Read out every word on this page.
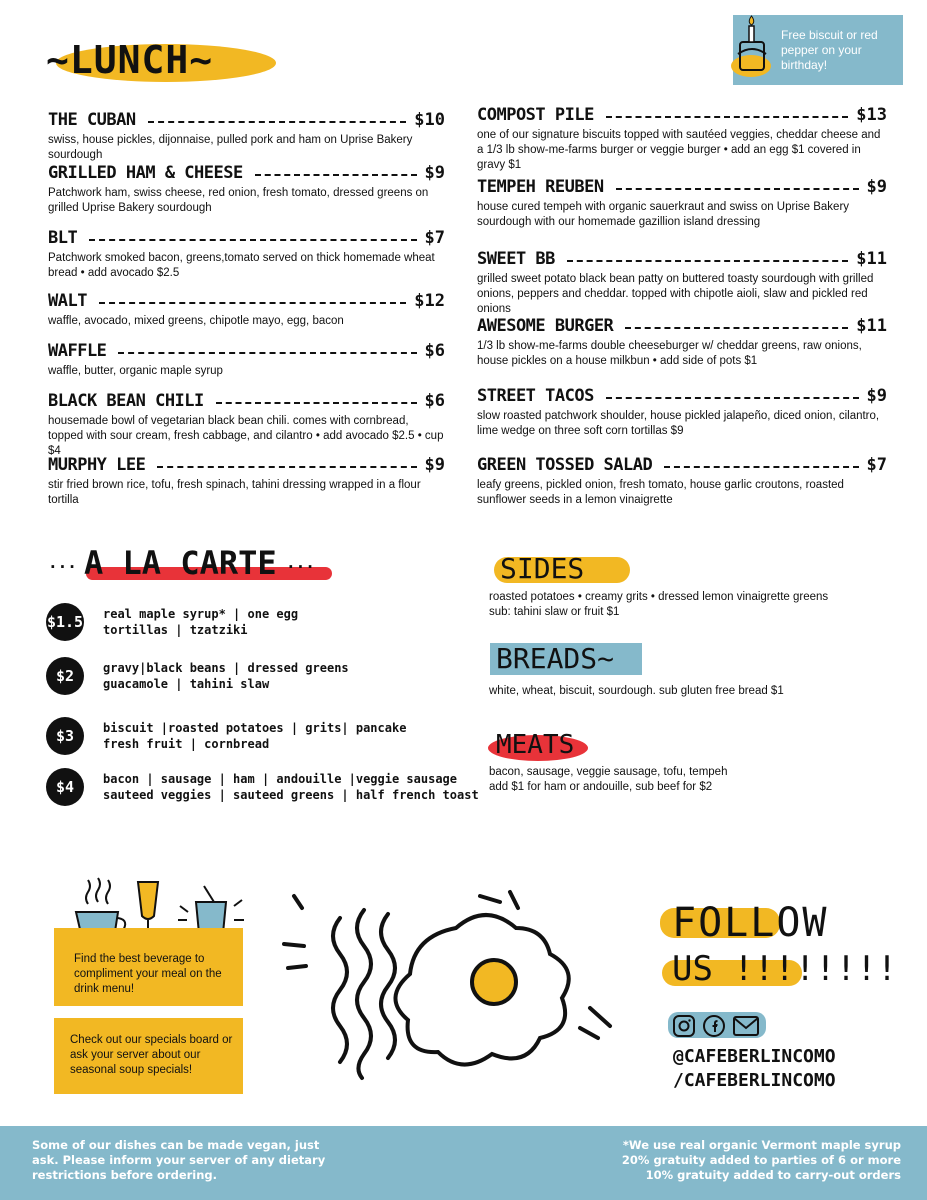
Free biscuit or red pepper on your birthday!
~LUNCH~
THE CUBAN	$10
swiss, house pickles, dijonnaise, pulled pork and ham on Uprise Bakery sourdough
GRILLED HAM & CHEESE	$9
Patchwork ham, swiss cheese, red onion, fresh tomato, dressed greens on grilled Uprise Bakery sourdough
BLT	$7
Patchwork smoked bacon, greens,tomato served on thick homemade wheat bread • add avocado $2.5
WALT	$12
waffle, avocado, mixed greens, chipotle mayo, egg, bacon
WAFFLE	$6
waffle, butter, organic maple syrup
BLACK BEAN CHILI	$6
housemade bowl of vegetarian black bean chili. comes with cornbread, topped with sour cream, fresh cabbage, and cilantro • add avocado $2.5 • cup $4
MURPHY LEE	$9
stir fried brown rice, tofu, fresh spinach, tahini dressing wrapped in a flour tortilla
COMPOST PILE	$13
one of our signature biscuits topped with sautéed veggies, cheddar cheese and a 1/3 lb show-me-farms burger or veggie burger • add an egg $1 covered in gravy $1
TEMPEH REUBEN	$9
house cured tempeh with organic sauerkraut and swiss on Uprise Bakery sourdough with our homemade gazillion island dressing
SWEET BB	$11
grilled sweet potato black bean patty on buttered toasty sourdough with grilled onions, peppers and cheddar. topped with chipotle aioli, slaw and pickled red onions
AWESOME BURGER	$11
1/3 lb show-me-farms double cheeseburger w/ cheddar greens, raw onions, house pickles on a house milkbun • add side of pots $1
STREET TACOS	$9
slow roasted patchwork shoulder, house pickled jalapeño, diced onion, cilantro, lime wedge on three soft corn tortillas $9
GREEN TOSSED SALAD	$7
leafy greens, pickled onion, fresh tomato, house garlic croutons, roasted sunflower seeds in a lemon vinaigrette
... A LA CARTE ...
$1.5 real maple syrup* | one egg
tortillas | tzatziki
$2	gravy|black beans | dressed greens
guacamole | tahini slaw
$3	biscuit |roasted potatoes | grits| pancake
fresh fruit | cornbread
$4	bacon | sausage | ham | andouille |veggie sausage
sauteed veggies | sauteed greens | half french toast
SIDES
roasted potatoes • creamy grits • dressed lemon vinaigrette greens
sub: tahini slaw or fruit $1
BREADS~
white, wheat, biscuit, sourdough. sub gluten free bread $1
MEATS
bacon, sausage, veggie sausage, tofu, tempeh
add $1 for ham or andouille, sub beef for $2
Find the best beverage to compliment your meal on the drink menu!
Check out our specials board or ask your server about our seasonal soup specials!
FOLLOW
US !!!!!!!!
@CAFEBERLINCOMO
/CAFEBERLINCOMO
Some of our dishes can be made vegan, just ask. Please inform your server of any dietary restrictions before ordering.
*We use real organic Vermont maple syrup
20% gratuity added to parties of 6 or more
10% gratuity added to carry-out orders
